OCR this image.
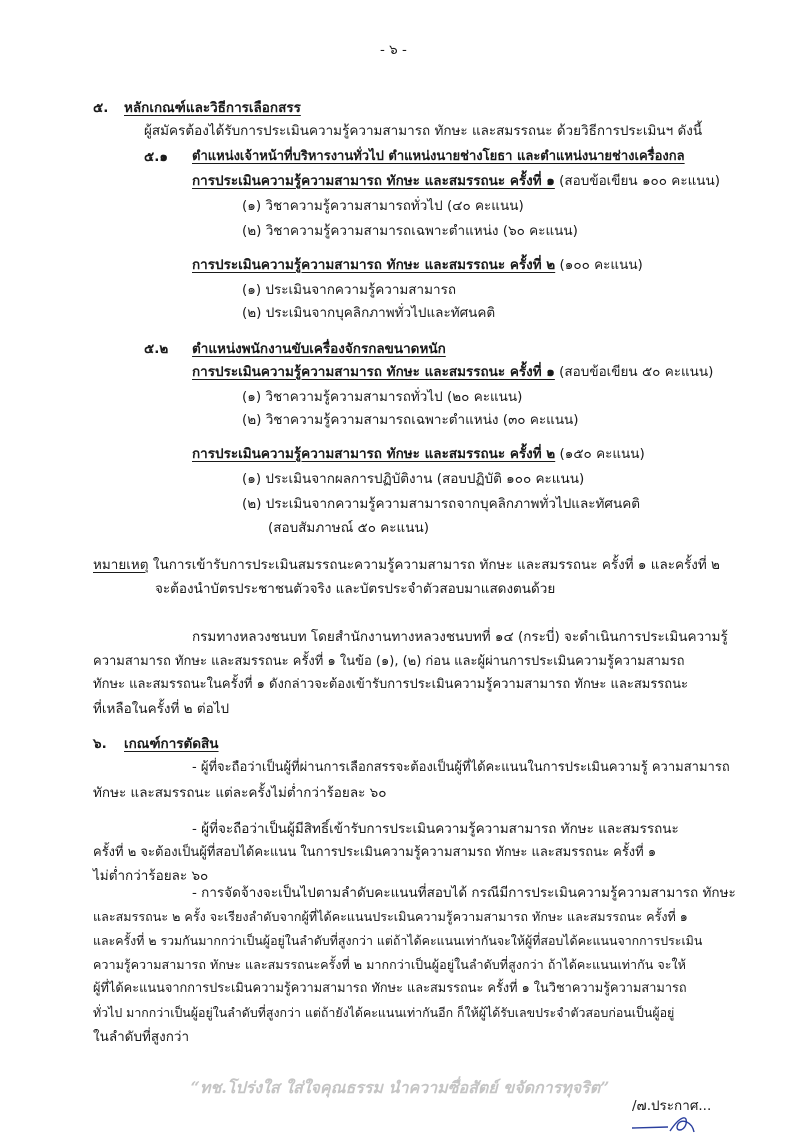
- ๖ -
๕. หลักเกณฑ์และวิธีการเลือกสรร
ผู้สมัครต้องได้รับการประเมินความรู้ความสามารถ ทักษะ และสมรรถนะ ด้วยวิธีการประเมินฯ ดังนี้
๕.๑ ตำแหน่งเจ้าหน้าที่บริหารงานทั่วไป ตำแหน่งนายช่างโยธา และตำแหน่งนายช่างเครื่องกล
การประเมินความรู้ความสามารถ ทักษะ และสมรรถนะ ครั้งที่ ๑ (สอบข้อเขียน ๑๐๐ คะแนน)
(๑) วิชาความรู้ความสามารถทั่วไป (๔๐ คะแนน)
(๒) วิชาความรู้ความสามารถเฉพาะตำแหน่ง (๖๐ คะแนน)
การประเมินความรู้ความสามารถ ทักษะ และสมรรถนะ ครั้งที่ ๒ (๑๐๐ คะแนน)
(๑) ประเมินจากความรู้ความสามารถ
(๒) ประเมินจากบุคลิกภาพทั่วไปและทัศนคติ
๕.๒ ตำแหน่งพนักงานขับเครื่องจักรกลขนาดหนัก
การประเมินความรู้ความสามารถ ทักษะ และสมรรถนะ ครั้งที่ ๑ (สอบข้อเขียน ๕๐ คะแนน)
(๑) วิชาความรู้ความสามารถทั่วไป (๒๐ คะแนน)
(๒) วิชาความรู้ความสามารถเฉพาะตำแหน่ง (๓๐ คะแนน)
การประเมินความรู้ความสามารถ ทักษะ และสมรรถนะ ครั้งที่ ๒ (๑๕๐ คะแนน)
(๑) ประเมินจากผลการปฏิบัติงาน (สอบปฏิบัติ ๑๐๐ คะแนน)
(๒) ประเมินจากความรู้ความสามารถจากบุคลิกภาพทั่วไปและทัศนคติ
(สอบสัมภาษณ์ ๕๐ คะแนน)
หมายเหตุ ในการเข้ารับการประเมินสมรรถนะความรู้ความสามารถ ทักษะ และสมรรถนะ ครั้งที่ ๑ และครั้งที่ ๒
จะต้องนำบัตรประชาชนตัวจริง และบัตรประจำตัวสอบมาแสดงตนด้วย
กรมทางหลวงชนบท โดยสำนักงานทางหลวงชนบทที่ ๑๔ (กระบี่) จะดำเนินการประเมินความรู้
ความสามารถ ทักษะ และสมรรถนะ ครั้งที่ ๑ ในข้อ (๑), (๒) ก่อน และผู้ผ่านการประเมินความรู้ความสามรถ
ทักษะ และสมรรถนะในครั้งที่ ๑ ดังกล่าวจะต้องเข้ารับการประเมินความรู้ความสามารถ ทักษะ และสมรรถนะ
ที่เหลือในครั้งที่ ๒ ต่อไป
๖. เกณฑ์การตัดสิน
- ผู้ที่จะถือว่าเป็นผู้ที่ผ่านการเลือกสรรจะต้องเป็นผู้ที่ได้คะแนนในการประเมินความรู้ ความสามารถ
ทักษะ และสมรรถนะ แต่ละครั้งไม่ต่ำกว่าร้อยละ ๖๐
- ผู้ที่จะถือว่าเป็นผู้มีสิทธิ์เข้ารับการประเมินความรู้ความสามารถ ทักษะ และสมรรถนะ
ครั้งที่ ๒ จะต้องเป็นผู้ที่สอบได้คะแนน ในการประเมินความรู้ความสามรถ ทักษะ และสมรรถนะ ครั้งที่ ๑
ไม่ต่ำกว่าร้อยละ ๖๐
- การจัดจ้างจะเป็นไปตามลำดับคะแนนที่สอบได้ กรณีมีการประเมินความรู้ความสามารถ ทักษะ
และสมรรถนะ ๒ ครั้ง จะเรียงลำดับจากผู้ที่ได้คะแนนประเมินความรู้ความสามารถ ทักษะ และสมรรถนะ ครั้งที่ ๑
และครั้งที่ ๒ รวมกันมากกว่าเป็นผู้อยู่ในลำดับที่สูงกว่า แต่ถ้าได้คะแนนเท่ากันจะให้ผู้ที่สอบได้คะแนนจากการประเมิน
ความรู้ความสามารถ ทักษะ และสมรรถนะครั้งที่ ๒ มากกว่าเป็นผู้อยู่ในลำดับที่สูงกว่า ถ้าได้คะแนนเท่ากัน จะให้
ผู้ที่ได้คะแนนจากการประเมินความรู้ความสามารถ ทักษะ และสมรรถนะ ครั้งที่ ๑ ในวิชาความรู้ความสามารถ
ทั่วไป มากกว่าเป็นผู้อยู่ในลำดับที่สูงกว่า แต่ถ้ายังได้คะแนนเท่ากันอีก ก็ให้ผู้ได้รับเลขประจำตัวสอบก่อนเป็นผู้อยู่
ในลำดับที่สูงกว่า
“ทช.โปร่งใส ใส่ใจคุณธรรม นำความซื่อสัตย์ ขจัดการทุจริต”
/๗.ประกาศ...
